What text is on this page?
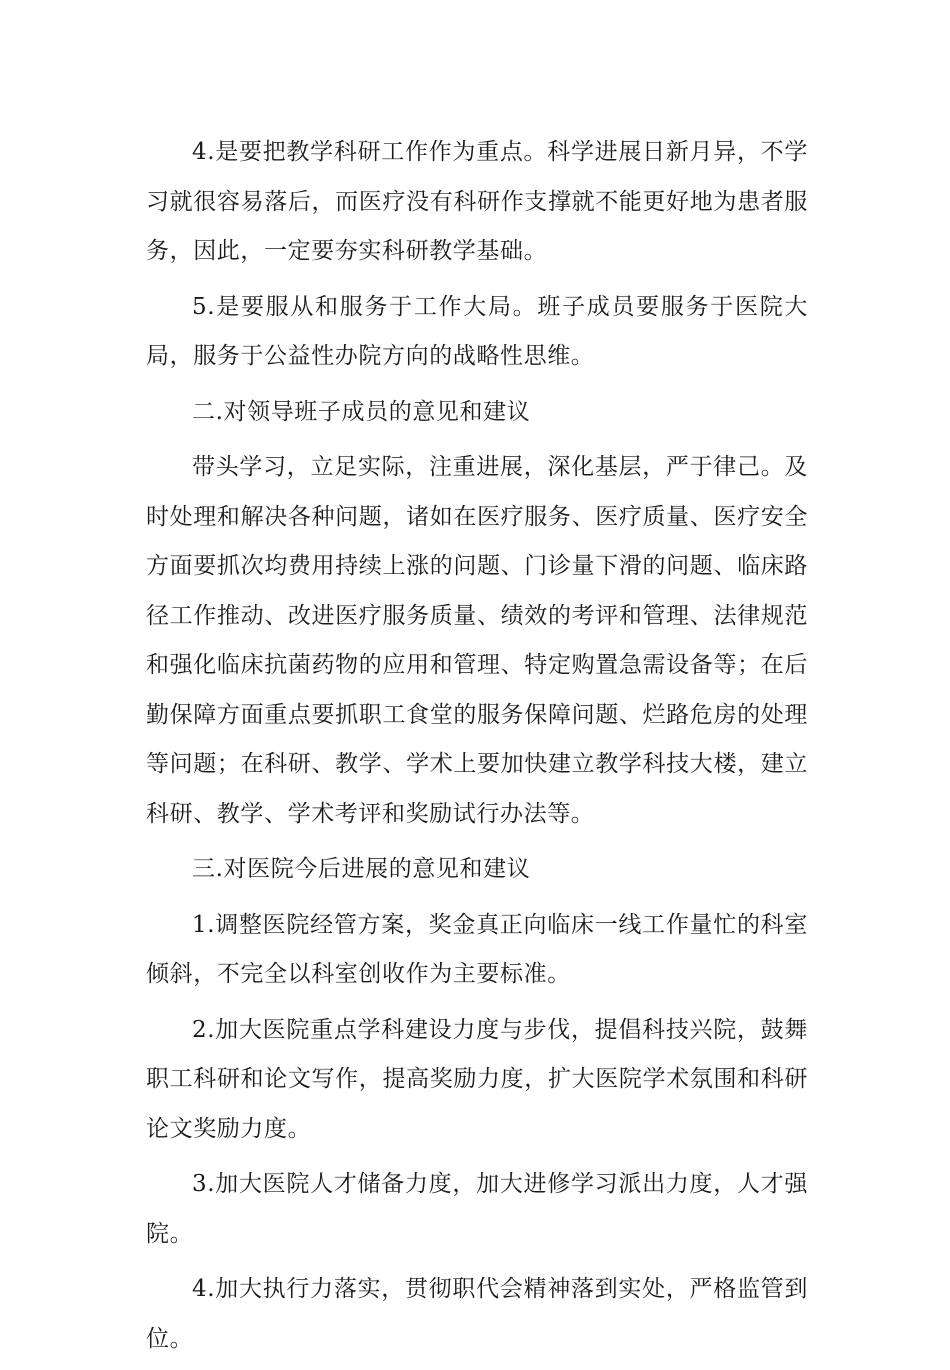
4.是要把教学科研工作作为重点。科学进展日新月异，不学习就很容易落后，而医疗没有科研作支撑就不能更好地为患者服务，因此，一定要夯实科研教学基础。

5.是要服从和服务于工作大局。班子成员要服务于医院大局，服务于公益性办院方向的战略性思维。

二.对领导班子成员的意见和建议

带头学习，立足实际，注重进展，深化基层，严于律己。及时处理和解决各种问题，诸如在医疗服务、医疗质量、医疗安全方面要抓次均费用持续上涨的问题、门诊量下滑的问题、临床路径工作推动、改进医疗服务质量、绩效的考评和管理、法律规范和强化临床抗菌药物的应用和管理、特定购置急需设备等；在后勤保障方面重点要抓职工食堂的服务保障问题、烂路危房的处理等问题；在科研、教学、学术上要加快建立教学科技大楼，建立科研、教学、学术考评和奖励试行办法等。

三.对医院今后进展的意见和建议

1.调整医院经管方案，奖金真正向临床一线工作量忙的科室倾斜，不完全以科室创收作为主要标准。

2.加大医院重点学科建设力度与步伐，提倡科技兴院，鼓舞职工科研和论文写作，提高奖励力度，扩大医院学术氛围和科研论文奖励力度。

3.加大医院人才储备力度，加大进修学习派出力度，人才强院。

4.加大执行力落实，贯彻职代会精神落到实处，严格监管到位。
